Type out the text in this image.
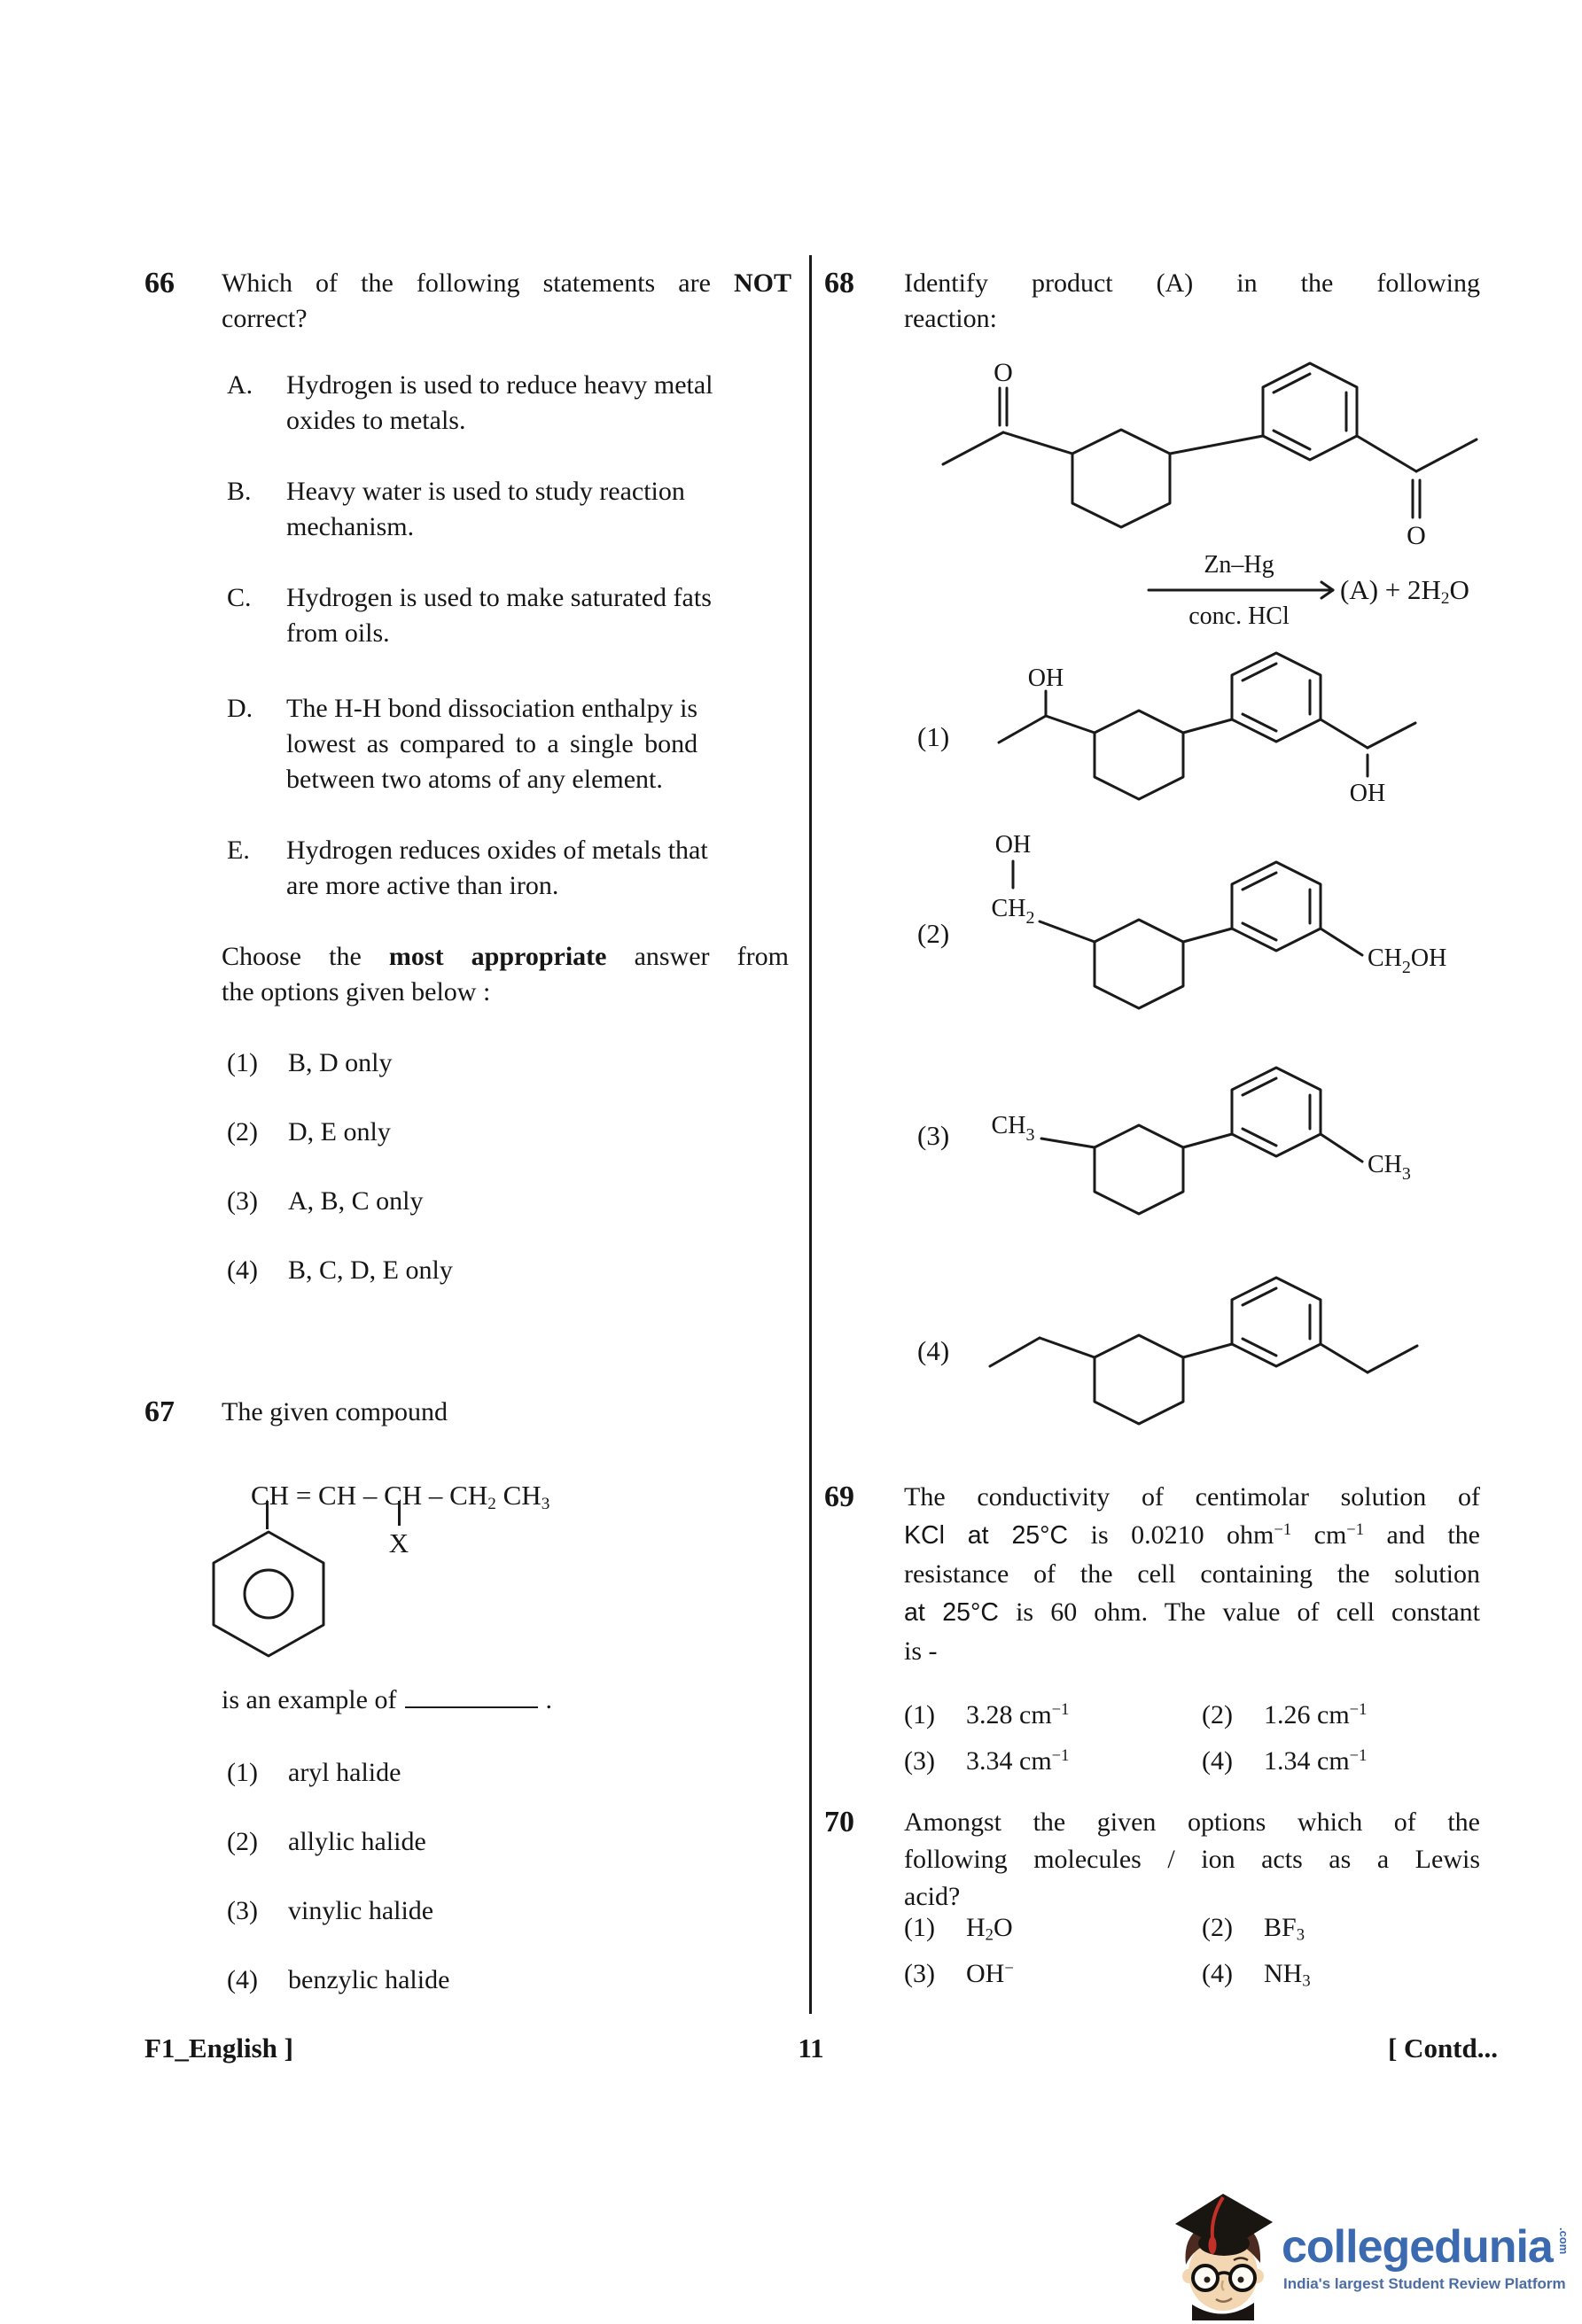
66	Which of the following statements are NOT
correct?
A.	Hydrogen is used to reduce heavy metal
oxides to metals.
B.	Heavy water is used to study reaction
mechanism.
C.	Hydrogen is used to make saturated fats
from oils.
D.	The H-H bond dissociation enthalpy is
lowest as compared to a single bond
between two atoms of any element.
E.	Hydrogen reduces oxides of metals that
are more active than iron.
Choose the most appropriate answer from
the options given below :
(1) B, D only
(2) D, E only
(3) A, B, C only
(4) B, C, D, E only
67	The given compound
CH = CH – CH – $CH_2$ $CH_3$
X
is an example of	.
(1) aryl halide
(2) allylic halide
(3) vinylic halide
(4) benzylic halide
68	Identify product (A) in the following
reaction:
O
O
Zn–Hg
conc. HCl
$(A) + 2H_2O$
(1)
OH
OH
(2)
OH
$CH_2$
$CH_2OH$
(3) $CH_3$
$CH_3$
(4)
69	The conductivity of centimolar solution of
KCl at 25°C is 0.0210 ohm$^{-1}$ $cm^{-1}$ and the
resistance of the cell containing the solution
at 25°C is 60 ohm. The value of cell constant
is -
(1) 3.28 $cm^{-1}$	(2) 1.26 $cm^{-1}$
(3) 3.34 $cm^{-1}$	(4) 1.34 $cm^{-1}$
70	Amongst the given options which of the
following molecules / ion acts as a Lewis
acid?
(1) $H_2O$	(2) $BF_3$
(3) OH−	(4) $NH_3$
F1_English ]	11	[ Contd...
collegedunia .com
India's largest Student Review Platform
